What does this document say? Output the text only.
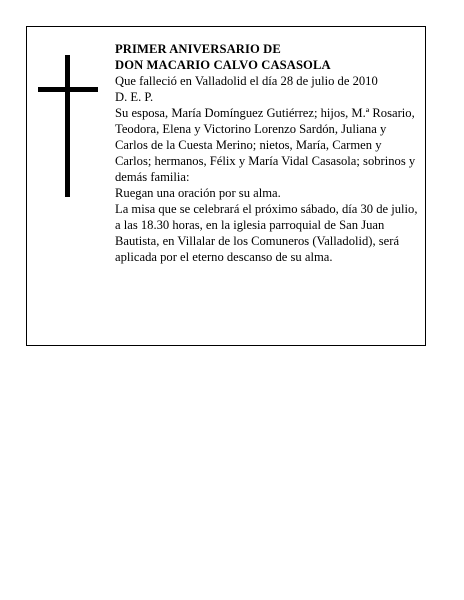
PRIMER ANIVERSARIO DE

DON MACARIO CALVO CASASOLA

Que falleció en Valladolid el día 28 de julio de 2010

D. E. P.

Su esposa, María Domínguez Gutiérrez; hijos, M.ª Rosario, Teodora, Elena y Victorino Lorenzo Sardón, Juliana y Carlos de la Cuesta Merino; nietos, María, Carmen y Carlos; hermanos, Félix y María Vidal Casasola; sobrinos y demás familia:

Ruegan una oración por su alma.

La misa que se celebrará el próximo sábado, día 30 de julio, a las 18.30 horas, en la iglesia parroquial de San Juan Bautista, en Villalar de los Comuneros (Valladolid), será aplicada por el eterno descanso de su alma.
